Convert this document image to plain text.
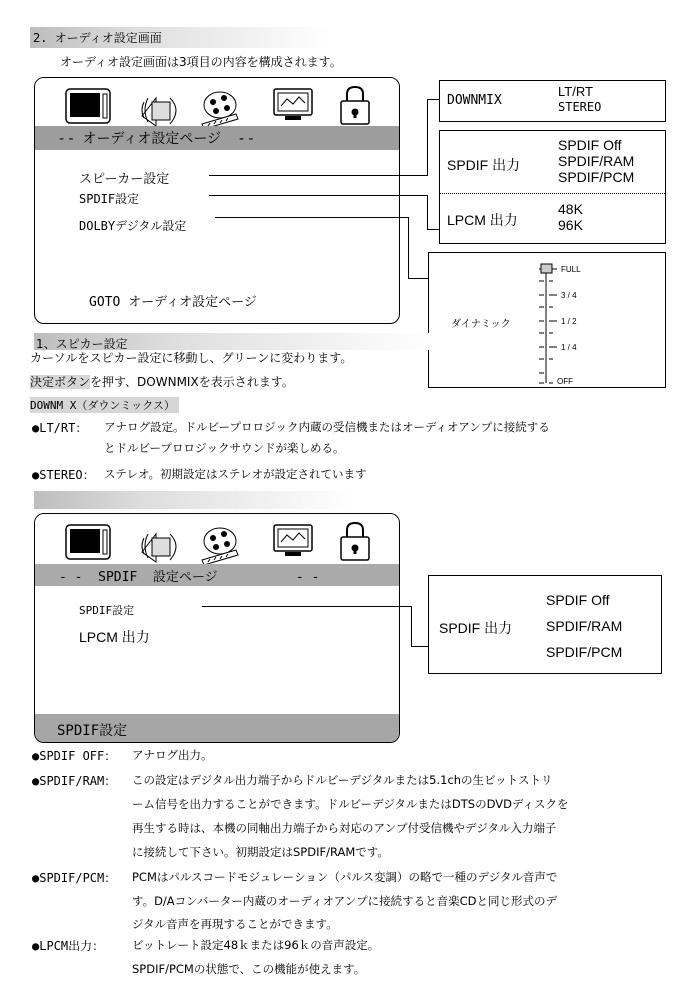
2. オーディオ設定画面
オーディオ設定画面は3項目の内容を構成されます。
- -  オーディオ設定ページ    - -
スピーカー設定
SPDIF設定
DOLBYデジタル設定
GOTO オーディオ設定ページ
DOWNMIX
LT/RT
STEREO
SPDIF 出力
SPDIF Off
SPDIF/RAM
SPDIF/PCM
LPCM 出力
48K
96K
ダイナミック
FULL
3 / 4
1 / 2
1 / 4
OFF
1、スピカー設定
カーソルをスピカー設定に移動し、グリーンに変わります。
決定ボタンを押す、DOWNMIXを表示されます。
DOWNM X（ダウンミックス）
●LT/RT： アナログ設定。ドルビープロロジック内蔵の受信機またはオーディオアンプに接続する
とドルビープロロジックサウンドが楽しめる。
●STEREO： ステレオ。初期設定はステレオが設定されています
- -  SPDIF  設定ページ          - -
SPDIF設定
LPCM 出力
SPDIF設定
SPDIF 出力
SPDIF Off
SPDIF/RAM
SPDIF/PCM
●SPDIF OFF： アナログ出力。
●SPDIF/RAM： この設定はデジタル出力端子からドルビーデジタルまたは5.1chの生ビットストリ
ーム信号を出力することができます。ドルビーデジタルまたはDTSのDVDディスクを
再生する時は、本機の同軸出力端子から対応のアンプ付受信機やデジタル入力端子
に接続して下さい。初期設定はSPDIF/RAMです。
●SPDIF/PCM： PCMはパルスコードモジュレーション（パルス変調）の略で一種のデジタル音声で
す。D/Aコンバーター内蔵のオーディオアンプに接続すると音楽CDと同じ形式のデ
ジタル音声を再現することができます。
●LPCM出力： ビットレート設定48ｋまたは96ｋの音声設定。
SPDIF/PCMの状態で、この機能が使えます。
